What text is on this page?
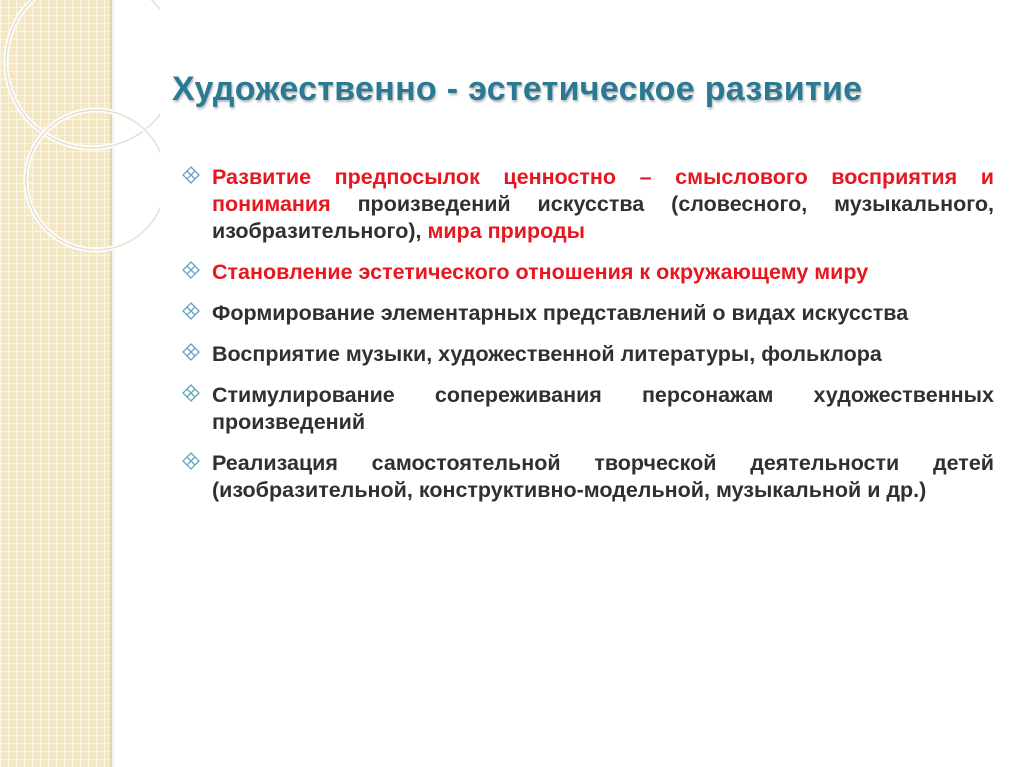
Художественно - эстетическое развитие
Развитие предпосылок ценностно – смыслового восприятия и понимания произведений искусства (словесного, музыкального, изобразительного), мира природы
Становление эстетического отношения к окружающему миру
Формирование элементарных представлений о видах искусства
Восприятие музыки, художественной литературы, фольклора
Стимулирование сопереживания персонажам художественных произведений
Реализация самостоятельной творческой деятельности детей (изобразительной, конструктивно-модельной, музыкальной и др.)
